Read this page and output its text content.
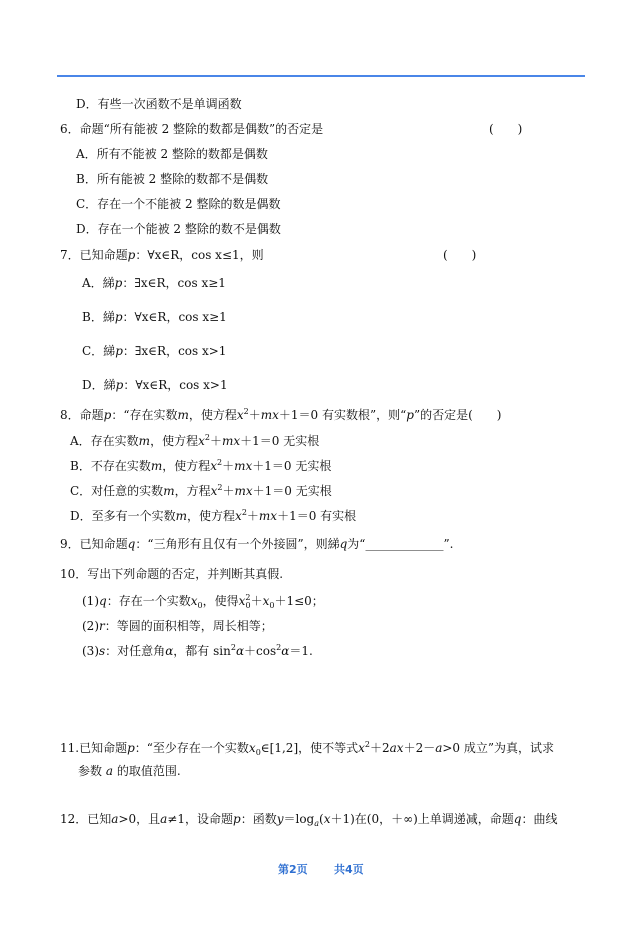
D．有些一次函数不是单调函数
6．命题“所有能被 2 整除的数都是偶数”的否定是	(　　)
A．所有不能被 2 整除的数都是偶数
B．所有能被 2 整除的数都不是偶数
C．存在一个不能被 2 整除的数是偶数
D．存在一个能被 2 整除的数不是偶数
7．已知命题p：∀x∈R，cos x≤1，则	(　　)
A．綈p：∃x∈R，cos x≥1
B．綈p：∀x∈R，cos x≥1
C．綈p：∃x∈R，cos x>1
D．綈p：∀x∈R，cos x>1
8．命题p：“存在实数m，使方程$x^2+mx+1=0$ 有实数根”，则“p”的否定是(　　)
A．存在实数m，使方程$x^2+mx+1=0$ 无实根
B．不存在实数m，使方程$x^2+mx+1=0$ 无实根
C．对任意的实数m，方程$x^2+mx+1=0$ 无实根
D．至多有一个实数m，使方程$x^2+mx+1=0$ 有实根
9．已知命题q：“三角形有且仅有一个外接圆”，则綈q为“_____________”.
10．写出下列命题的否定，并判断其真假.
(1)q：存在一个实数$x_0$，使得$x^2_0+x_0+1\le 0$；
(2)r：等圆的面积相等，周长相等；
(3)s：对任意角α，都有 $\sin^2\alpha+\cos^2\alpha=1$.
11.已知命题p：“至少存在一个实数$x_0\in[1,2]$，使不等式$x^2+2ax+2-a>0$ 成立”为真，试求
参数 a 的取值范围.
12．已知a>0，且a≠1，设命题p：函数$y=\log_a(x+1)$在(0，＋∞)上单调递减，命题q：曲线
第2页 共4页
